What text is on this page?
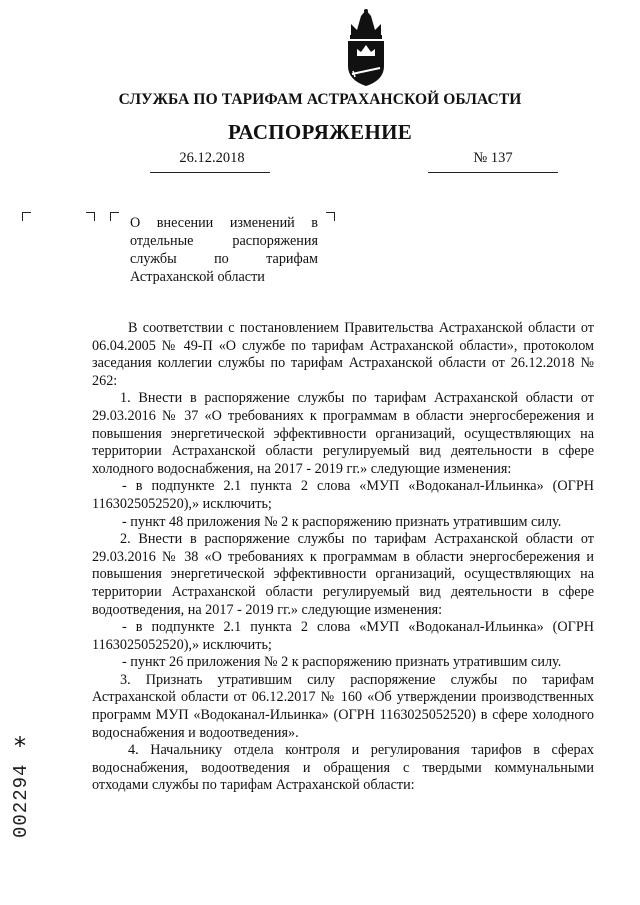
СЛУЖБА ПО ТАРИФАМ АСТРАХАНСКОЙ ОБЛАСТИ
РАСПОРЯЖЕНИЕ
26.12.2018	№ 137
О внесении изменений в
отдельные распоряжения
службы по тарифам
Астраханской области

В соответствии с постановлением Правительства Астраханской области от 06.04.2005 № 49-П «О службе по тарифам Астраханской области», протоколом заседания коллегии службы по тарифам Астраханской области от 26.12.2018 № 262:

1. Внести в распоряжение службы по тарифам Астраханской области от 29.03.2016 № 37 «О требованиях к программам в области энергосбережения и повышения энергетической эффективности организаций, осуществляющих на территории Астраханской области регулируемый вид деятельности в сфере холодного водоснабжения, на 2017 - 2019 гг.» следующие изменения:

- в подпункте 2.1 пункта 2 слова «МУП «Водоканал-Ильинка» (ОГРН 1163025052520),» исключить;

- пункт 48 приложения № 2 к распоряжению признать утратившим силу.

2. Внести в распоряжение службы по тарифам Астраханской области от 29.03.2016 № 38 «О требованиях к программам в области энергосбережения и повышения энергетической эффективности организаций, осуществляющих на территории Астраханской области регулируемый вид деятельности в сфере водоотведения, на 2017 - 2019 гг.» следующие изменения:

- в подпункте 2.1 пункта 2 слова «МУП «Водоканал-Ильинка» (ОГРН 1163025052520),» исключить;

- пункт 26 приложения № 2 к распоряжению признать утратившим силу.

3. Признать утратившим силу распоряжение службы по тарифам Астраханской области от 06.12.2017 № 160 «Об утверждении производственных программ МУП «Водоканал-Ильинка» (ОГРН 1163025052520) в сфере холодного водоснабжения и водоотведения».

4. Начальнику отдела контроля и регулирования тарифов в сферах водоснабжения, водоотведения и обращения с твердыми коммунальными отходами службы по тарифам Астраханской области:

*
002294
